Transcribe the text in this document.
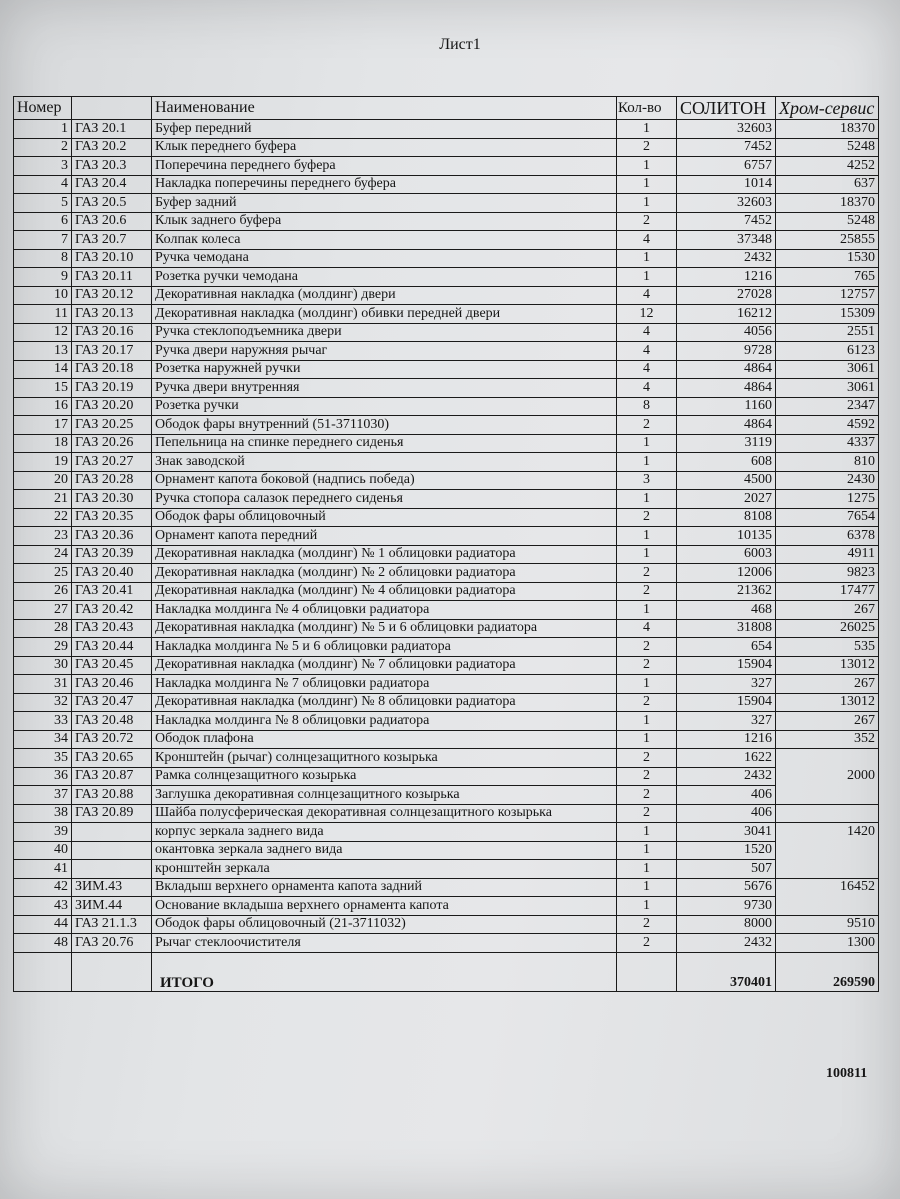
Лист1
Номер		Наименование	Кол-во	СОЛИТОН	Хром-сервис
1	ГАЗ 20.1	Буфер передний	1	32603	18370
2	ГАЗ 20.2	Клык переднего буфера	2	7452	5248
3	ГАЗ 20.3	Поперечина переднего буфера	1	6757	4252
4	ГАЗ 20.4	Накладка поперечины переднего буфера	1	1014	637
5	ГАЗ 20.5	Буфер задний	1	32603	18370
6	ГАЗ 20.6	Клык заднего буфера	2	7452	5248
7	ГАЗ 20.7	Колпак колеса	4	37348	25855
8	ГАЗ 20.10	Ручка чемодана	1	2432	1530
9	ГАЗ 20.11	Розетка ручки чемодана	1	1216	765
10	ГАЗ 20.12	Декоративная накладка (молдинг) двери	4	27028	12757
11	ГАЗ 20.13	Декоративная накладка (молдинг) обивки передней двери	12	16212	15309
12	ГАЗ 20.16	Ручка стеклоподъемника двери	4	4056	2551
13	ГАЗ 20.17	Ручка двери наружняя рычаг	4	9728	6123
14	ГАЗ 20.18	Розетка наружней ручки	4	4864	3061
15	ГАЗ 20.19	Ручка двери внутренняя	4	4864	3061
16	ГАЗ 20.20	Розетка ручки	8	1160	2347
17	ГАЗ 20.25	Ободок фары внутренний (51-3711030)	2	4864	4592
18	ГАЗ 20.26	Пепельница на спинке переднего сиденья	1	3119	4337
19	ГАЗ 20.27	Знак заводской	1	608	810
20	ГАЗ 20.28	Орнамент капота боковой (надпись победа)	3	4500	2430
21	ГАЗ 20.30	Ручка стопора салазок переднего сиденья	1	2027	1275
22	ГАЗ 20.35	Ободок фары облицовочный	2	8108	7654
23	ГАЗ 20.36	Орнамент капота передний	1	10135	6378
24	ГАЗ 20.39	Декоративная накладка (молдинг) № 1 облицовки радиатора	1	6003	4911
25	ГАЗ 20.40	Декоративная накладка (молдинг) № 2 облицовки радиатора	2	12006	9823
26	ГАЗ 20.41	Декоративная накладка (молдинг) № 4 облицовки радиатора	2	21362	17477
27	ГАЗ 20.42	Накладка молдинга № 4 облицовки радиатора	1	468	267
28	ГАЗ 20.43	Декоративная накладка (молдинг) № 5 и 6 облицовки радиатора	4	31808	26025
29	ГАЗ 20.44	Накладка молдинга № 5 и 6 облицовки радиатора	2	654	535
30	ГАЗ 20.45	Декоративная накладка (молдинг) № 7 облицовки радиатора	2	15904	13012
31	ГАЗ 20.46	Накладка молдинга № 7 облицовки радиатора	1	327	267
32	ГАЗ 20.47	Декоративная накладка (молдинг) № 8 облицовки радиатора	2	15904	13012
33	ГАЗ 20.48	Накладка молдинга № 8 облицовки радиатора	1	327	267
34	ГАЗ 20.72	Ободок плафона	1	1216	352
35	ГАЗ 20.65	Кронштейн (рычаг) солнцезащитного козырька	2	1622	
36	ГАЗ 20.87	Рамка солнцезащитного козырька	2	2432	2000
37	ГАЗ 20.88	Заглушка декоративная солнцезащитного козырька	2	406	
38	ГАЗ 20.89	Шайба полусферическая декоративная солнцезащитного козырька	2	406	
39		корпус зеркала заднего вида	1	3041	1420
40		окантовка зеркала заднего вида	1	1520	
41		кронштейн зеркала	1	507	
42	ЗИМ.43	Вкладыш верхнего орнамента капота задний	1	5676	16452
43	ЗИМ.44	Основание вкладыша верхнего орнамента капота	1	9730	
44	ГАЗ 21.1.3	Ободок фары облицовочный (21-3711032)	2	8000	9510
48	ГАЗ 20.76	Рычаг стеклоочистителя	2	2432	1300
		ИТОГО		370401	269590
100811
